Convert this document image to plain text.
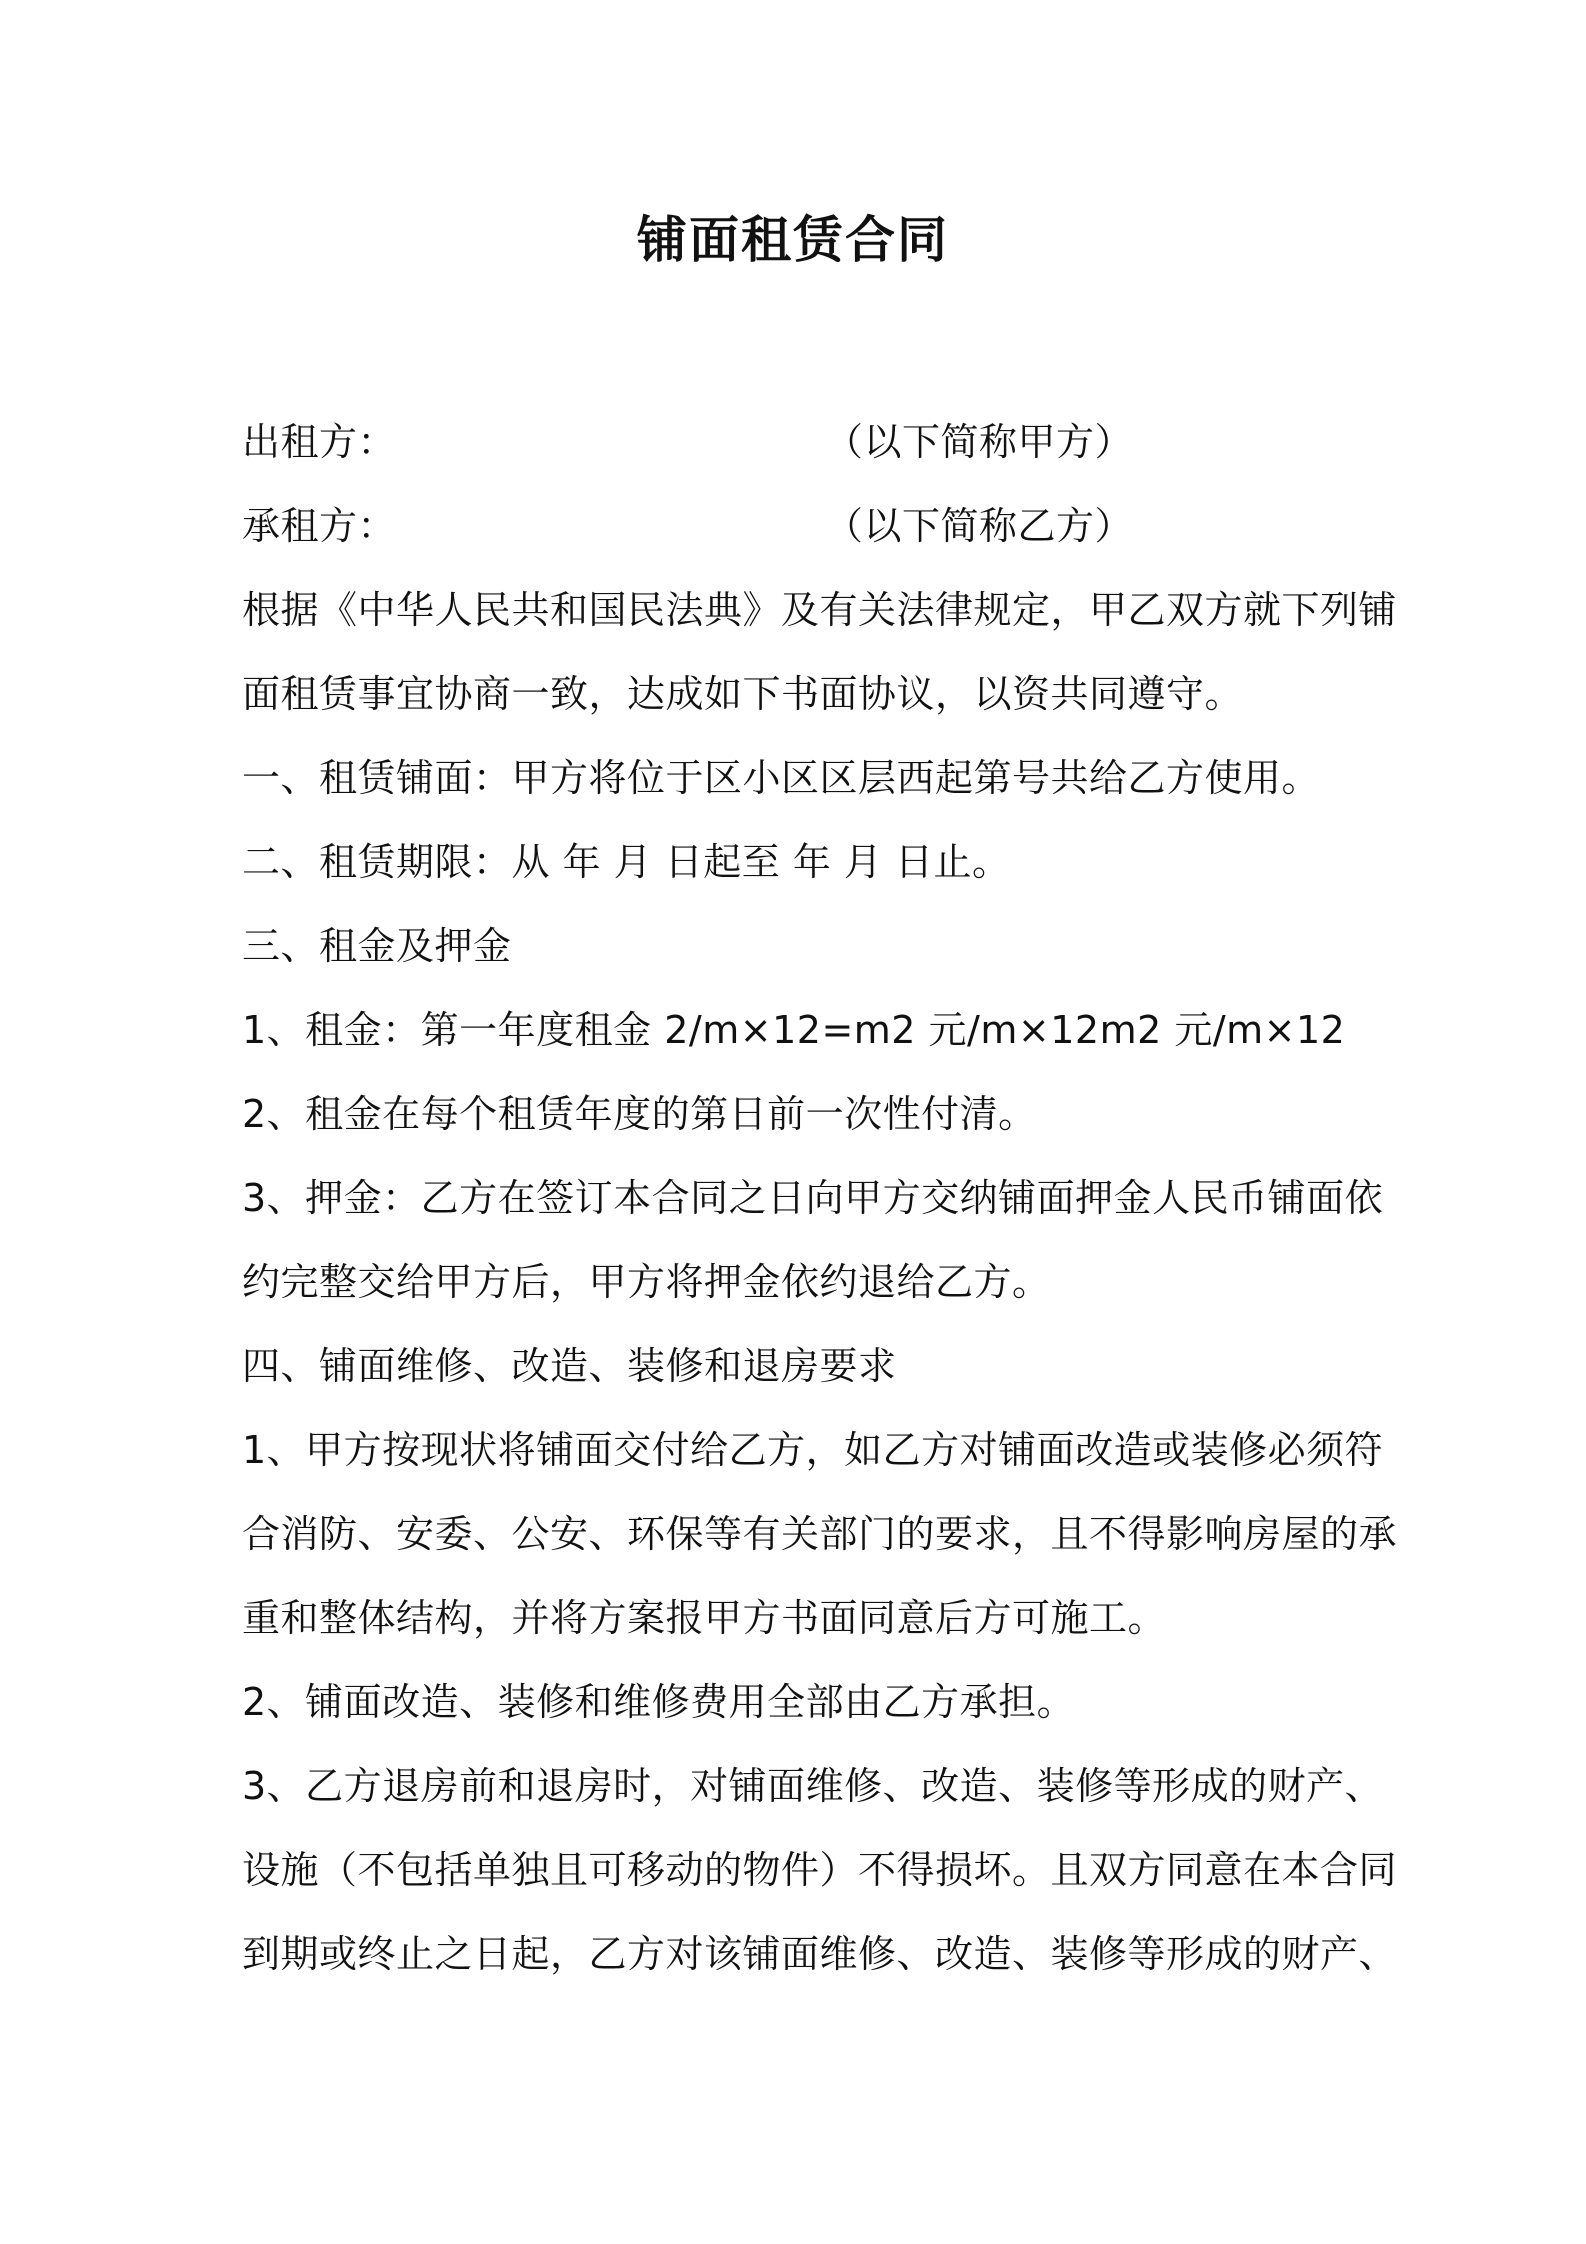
铺面租赁合同
出租方：	（以下简称甲方）
承租方：	（以下简称乙方）
根据《中华人民共和国民法典》及有关法律规定，甲乙双方就下列铺
面租赁事宜协商一致，达成如下书面协议，以资共同遵守。
一、租赁铺面：甲方将位于区小区区层西起第号共给乙方使用。
二、租赁期限：从 年 月 日起至 年 月 日止。
三、租金及押金
1、租金：第一年度租金 2/m×12=m2 元/m×12m2 元/m×12
2、租金在每个租赁年度的第日前一次性付清。
3、押金：乙方在签订本合同之日向甲方交纳铺面押金人民币铺面依
约完整交给甲方后，甲方将押金依约退给乙方。
四、铺面维修、改造、装修和退房要求
1、甲方按现状将铺面交付给乙方，如乙方对铺面改造或装修必须符
合消防、安委、公安、环保等有关部门的要求，且不得影响房屋的承
重和整体结构，并将方案报甲方书面同意后方可施工。
2、铺面改造、装修和维修费用全部由乙方承担。
3、乙方退房前和退房时，对铺面维修、改造、装修等形成的财产、
设施（不包括单独且可移动的物件）不得损坏。且双方同意在本合同
到期或终止之日起，乙方对该铺面维修、改造、装修等形成的财产、
